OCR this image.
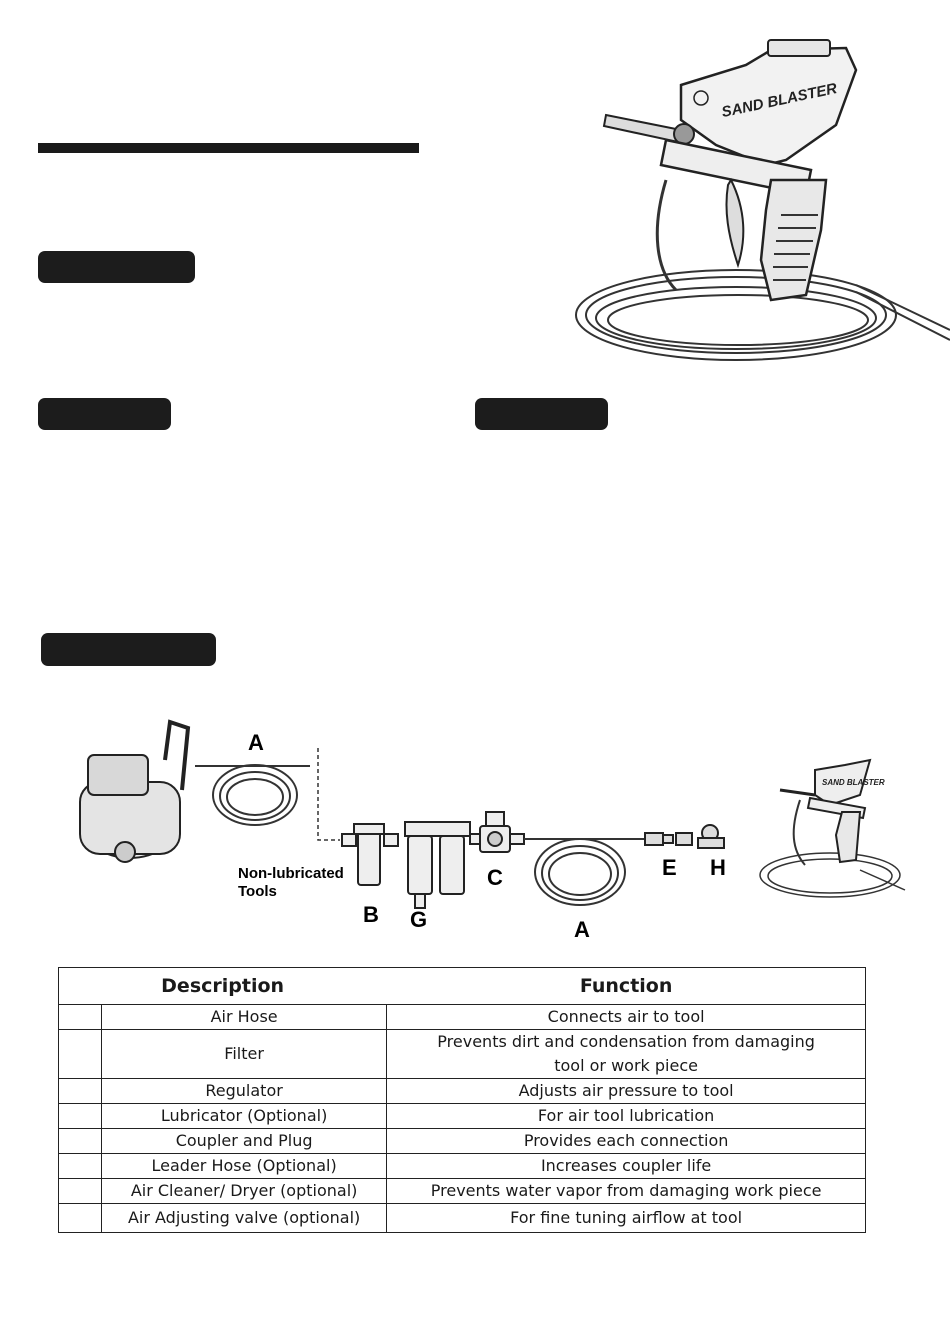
SAND BLASTER
A
B
Non-lubricated
Tools
G
C
A
E H
SAND BLASTER
Description		Function
	Air Hose	Connects air to tool
	Filter	Prevents dirt and condensation from damaging
tool or work piece

	Regulator	Adjusts air pressure to tool
	Lubricator (Optional)	For air tool lubrication
	Coupler and Plug	Provides each connection
	Leader Hose (Optional)	Increases coupler life
	Air Cleaner/ Dryer (optional)	Prevents water vapor from damaging work piece
	Air Adjusting valve (optional)	For fine tuning airflow at tool
